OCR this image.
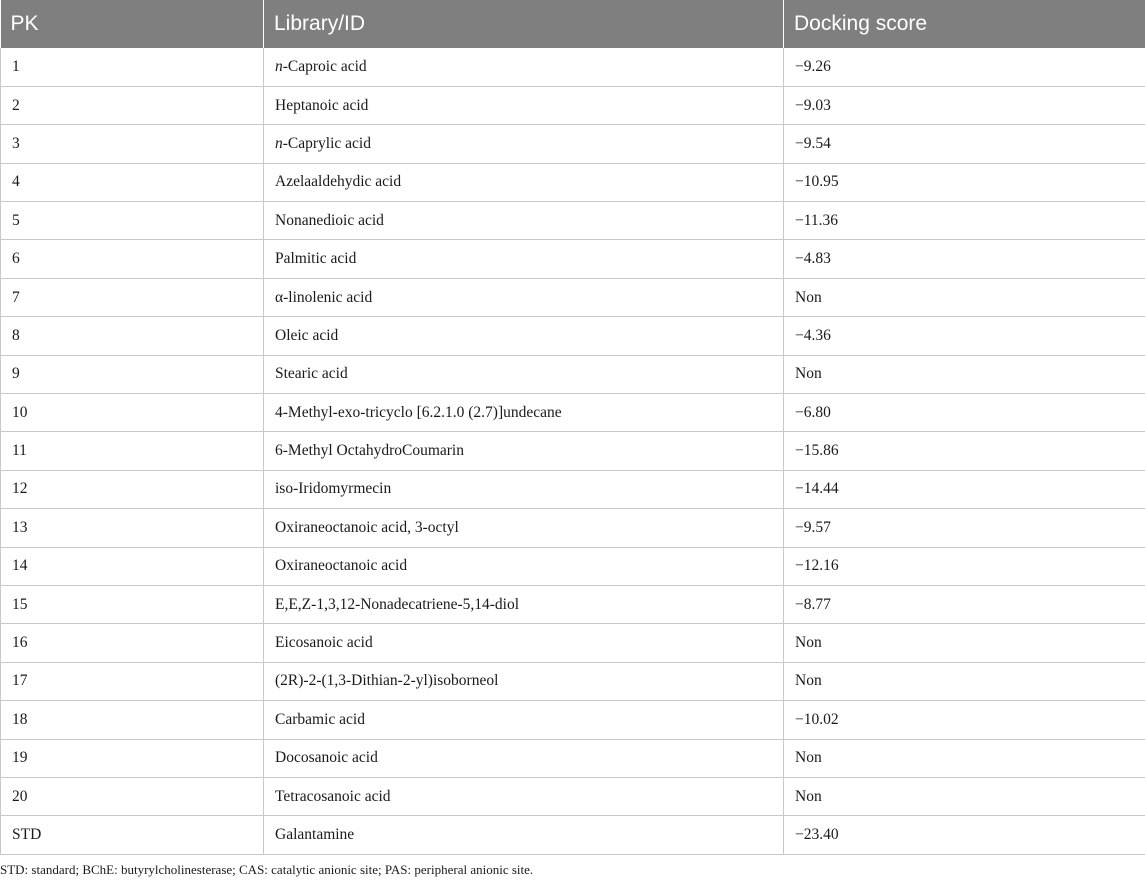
PK	Library/ID	Docking score
1	n-Caproic acid	−9.26
2	Heptanoic acid	−9.03
3	n-Caprylic acid	−9.54
4	Azelaaldehydic acid	−10.95
5	Nonanedioic acid	−11.36
6	Palmitic acid	−4.83
7	α-linolenic acid	Non
8	Oleic acid	−4.36
9	Stearic acid	Non
10	4-Methyl-exo-tricyclo [6.2.1.0 (2.7)]undecane	−6.80
11	6-Methyl OctahydroCoumarin	−15.86
12	iso-Iridomyrmecin	−14.44
13	Oxiraneoctanoic acid, 3-octyl	−9.57
14	Oxiraneoctanoic acid	−12.16
15	E,E,Z-1,3,12-Nonadecatriene-5,14-diol	−8.77
16	Eicosanoic acid	Non
17	(2R)-2-(1,3-Dithian-2-yl)isoborneol	Non
18	Carbamic acid	−10.02
19	Docosanoic acid	Non
20	Tetracosanoic acid	Non
STD	Galantamine	−23.40
STD: standard; BChE: butyrylcholinesterase; CAS: catalytic anionic site; PAS: peripheral anionic site.
